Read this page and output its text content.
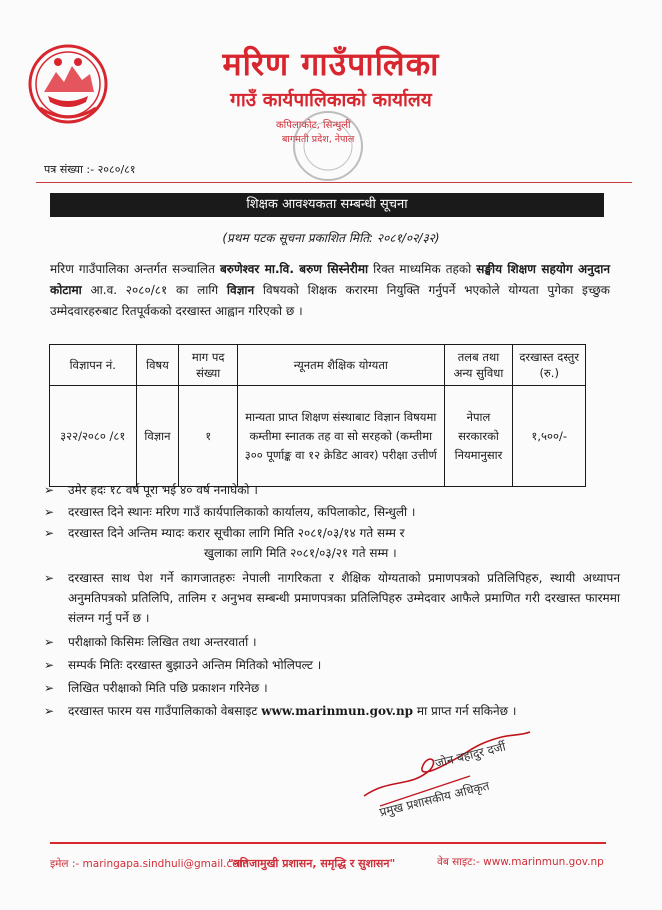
मरिण गाउँपालिका
गाउँ कार्यपालिकाको कार्यालय
कपिलाकोट, सिन्धुली
बागमती प्रदेश, नेपाल
पत्र संख्या :- २०८०/८१
शिक्षक आवश्यकता सम्बन्धी सूचना
(प्रथम पटक सूचना प्रकाशित मिति: २०८१/०२/३२)
मरिण गाउँपालिका अन्तर्गत सञ्चालित बरुणेश्वर मा.वि. बरुण सिस्नेरीमा रिक्त माध्यमिक तहको सङ्घीय शिक्षण सहयोग अनुदान कोटामा आ.व. २०८०/८१ का लागि विज्ञान विषयको शिक्षक करारमा नियुक्ति गर्नुपर्ने भएकोले योग्यता पुगेका इच्छुक उम्मेदवारहरुबाट रितपूर्वकको दरखास्त आह्वान गरिएको छ ।
विज्ञापन नं.	विषय	माग पद संख्या	न्यूनतम शैक्षिक योग्यता	तलब तथा अन्य सुविधा	दरखास्त दस्तुर (रु.)
३२२/२०८० /८१	विज्ञान	१	मान्यता प्राप्त शिक्षण संस्थाबाट विज्ञान विषयमा कम्तीमा स्नातक तह वा सो सरहको (कम्तीमा ३०० पूर्णाङ्क वा १२ क्रेडिट आवर) परीक्षा उत्तीर्ण	नेपाल सरकारको नियमानुसार	१,५००/-
➢	उमेर हदः १८ वर्ष पूरा भई ४० वर्ष ननाघेको ।
➢	दरखास्त दिने स्थानः मरिण गाउँ कार्यपालिकाको कार्यालय, कपिलाकोट, सिन्धुली ।
➢	दरखास्त दिने अन्तिम म्यादः करार सूचीका लागि मिति २०८१/०३/१४ गते सम्म र
खुलाका लागि मिति २०८१/०३/२१ गते सम्म ।
➢	दरखास्त साथ पेश गर्ने कागजातहरुः नेपाली नागरिकता र शैक्षिक योग्यताको प्रमाणपत्रको प्रतिलिपिहरु, स्थायी अध्यापन अनुमतिपत्रको प्रतिलिपि, तालिम र अनुभव सम्बन्धी प्रमाणपत्रका प्रतिलिपिहरु उम्मेदवार आफैले प्रमाणित गरी दरखास्त फारममा संलग्न गर्नु पर्ने छ ।
➢	परीक्षाको किसिमः लिखित तथा अन्तरवार्ता ।
➢	सम्पर्क मितिः दरखास्त बुझाउने अन्तिम मितिको भोलिपल्ट ।
➢	लिखित परीक्षाको मिति पछि प्रकाशन गरिनेछ ।
➢	दरखास्त फारम यस गाउँपालिकाको वेबसाइट www.marinmun.gov.np मा प्राप्त गर्न सकिनेछ ।
जोन बहादुर दर्जी
प्रमुख प्रशासकीय अधिकृत
इमेल :- maringapa.sindhuli@gmail.com
"नतिजामुखी प्रशासन, समृद्धि र सुशासन"	वेब साइट:- www.marinmun.gov.np
